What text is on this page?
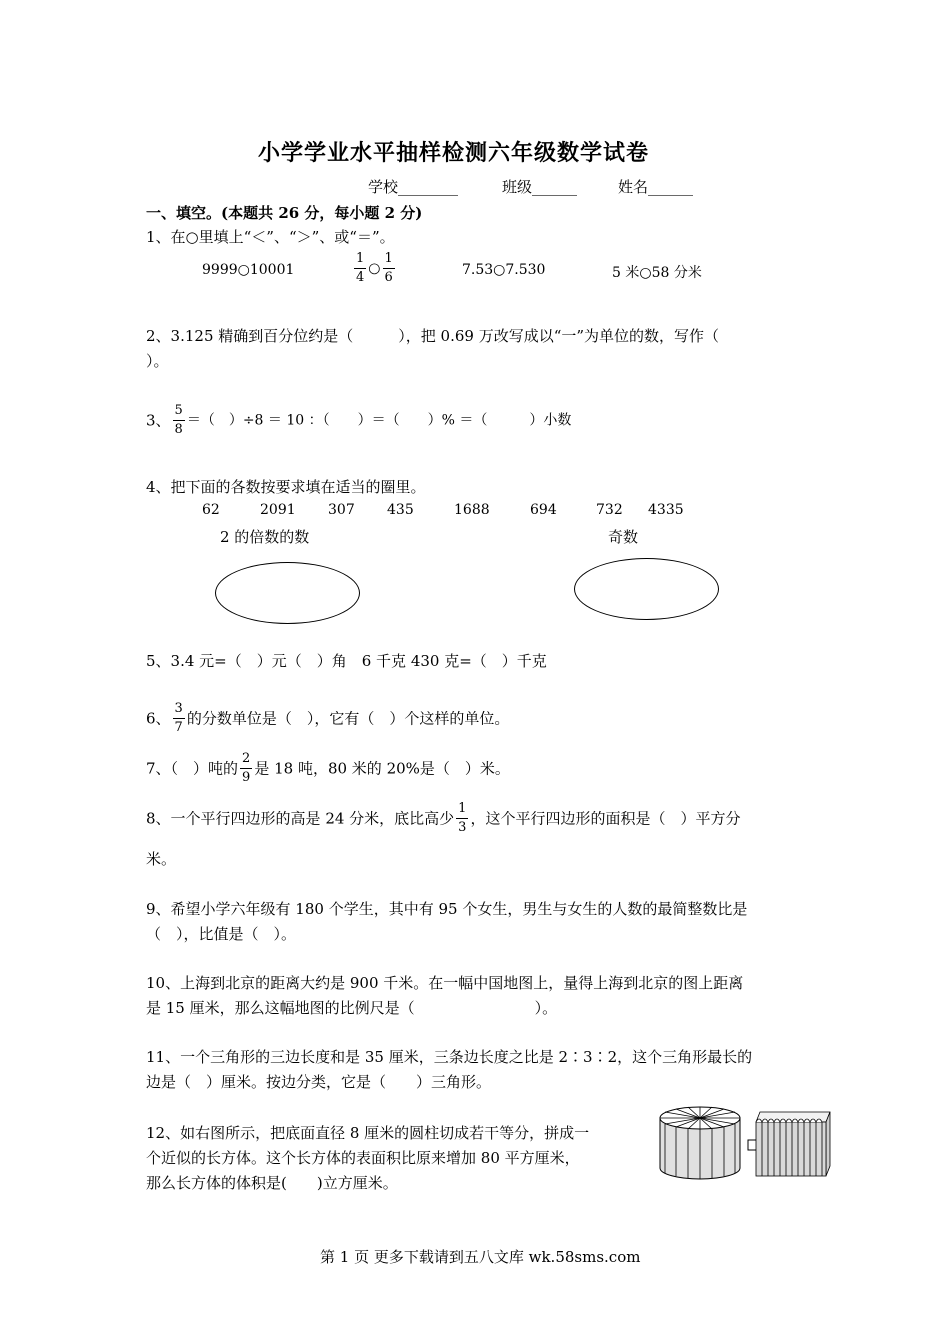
小学学业水平抽样检测六年级数学试卷
学校________	班级______	姓名______
一、填空。(本题共 26 分，每小题 2 分)
1、在○里填上“＜”、“＞”、或“＝”。
9999○10001	$\frac{1}{4}$ ○ $\frac{1}{6}$	7.53○7.530	5 米○58 分米
2、3.125 精确到百分位约是（　　　），把 0.69 万改写成以“一”为单位的数，写作（
）。
3、 $\frac{5}{8}$ ＝（　）÷8 ＝ 10 ：（　　）＝（　　）% ＝（　　　）小数
4、把下面的各数按要求填在适当的圈里。
62	2091 307 435	1688	694	732 4335
2 的倍数的数	奇数
5、3.4 元=（　）元（　）角　6 千克 430 克=（　）千克
6、 $\frac{3}{7}$ 的分数单位是（　），它有（　）个这样的单位。
7、（　）吨的 $\frac{2}{9}$ 是 18 吨，80 米的 20%是（　）米。
8、一个平行四边形的高是 24 分米，底比高少 $\frac{1}{3}$ ，这个平行四边形的面积是（　）平方分
米。
9、希望小学六年级有 180 个学生，其中有 95 个女生，男生与女生的人数的最简整数比是
（　），比值是（　）。
10、上海到北京的距离大约是 900 千米。在一幅中国地图上，量得上海到北京的图上距离
是 15 厘米，那么这幅地图的比例尺是（　　　　　　　　）。
11、一个三角形的三边长度和是 35 厘米，三条边长度之比是 2∶3∶2，这个三角形最长的
边是（　）厘米。按边分类，它是（　　）三角形。
12、如右图所示，把底面直径 8 厘米的圆柱切成若干等分，拼成一
个近似的长方体。这个长方体的表面积比原来增加 80 平方厘米，
那么长方体的体积是(　　)立方厘米。
第 1 页 更多下载请到五八文库 wk.58sms.com
